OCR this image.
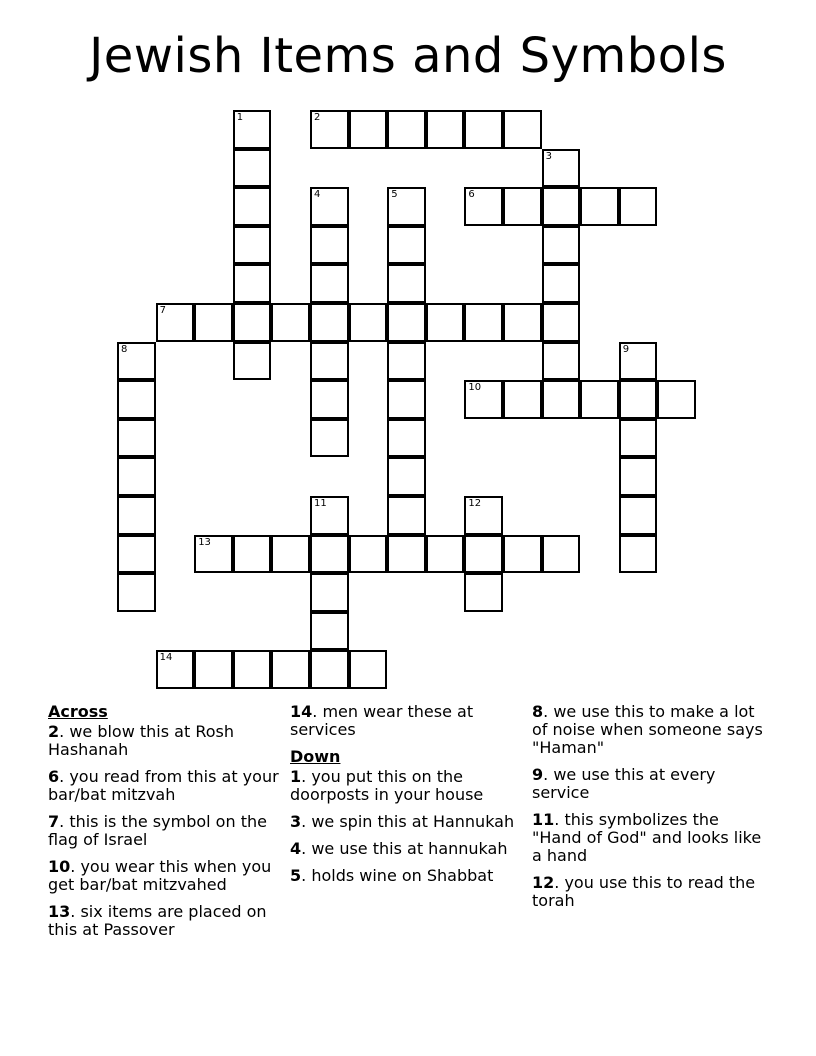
Jewish Items and Symbols
1	2
3
4	5	6
7
8	9
10
11	12
13
14
Across
2. we blow this at Rosh Hashanah
6. you read from this at your bar/bat mitzvah
7. this is the symbol on the flag of Israel
10. you wear this when you get bar/bat mitzvahed
13. six items are placed on this at Passover
14. men wear these at services
Down
1. you put this on the doorposts in your house
3. we spin this at Hannukah
4. we use this at hannukah
5. holds wine on Shabbat
8. we use this to make a lot of noise when someone says "Haman"
9. we use this at every service
11. this symbolizes the "Hand of God" and looks like a hand
12. you use this to read the torah
